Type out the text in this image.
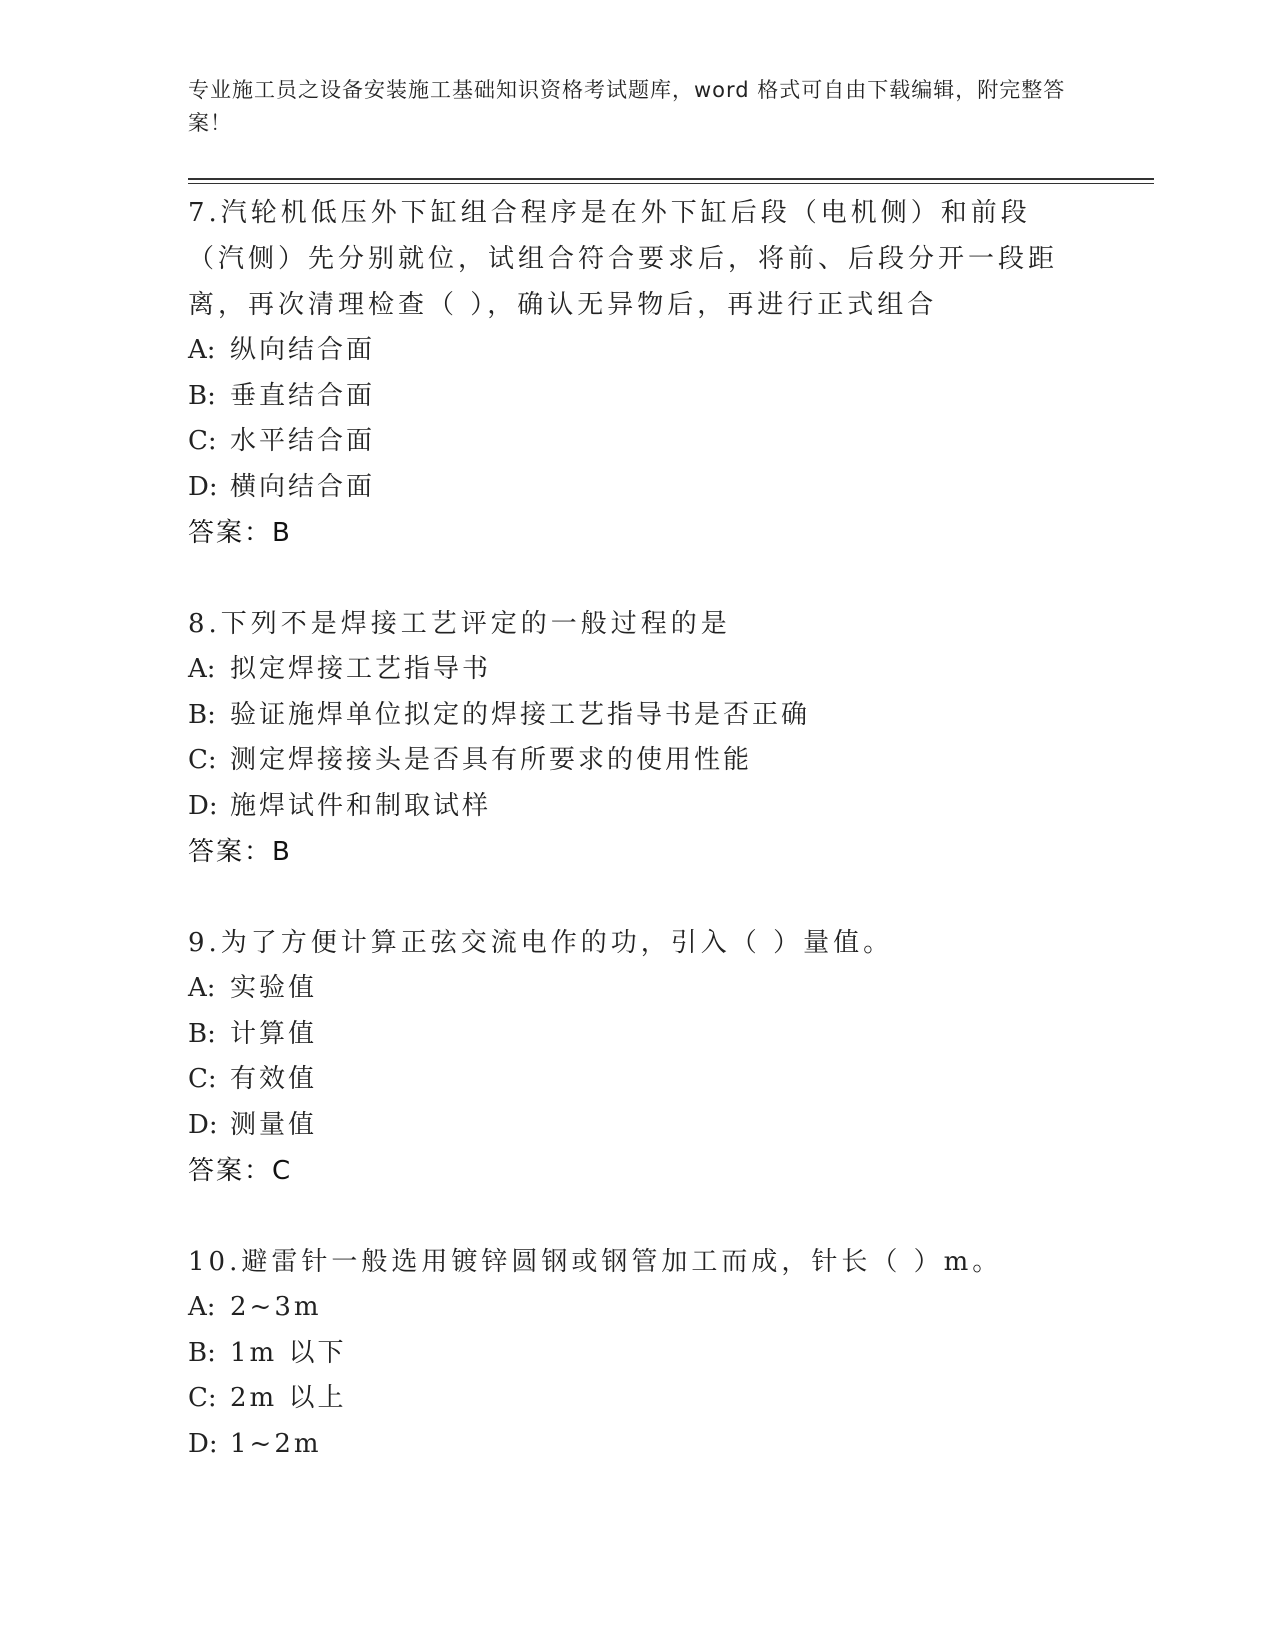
专业施工员之设备安装施工基础知识资格考试题库，word 格式可自由下载编辑，附完整答案！
7.汽轮机低压外下缸组合程序是在外下缸后段（电机侧）和前段（汽侧）先分别就位，试组合符合要求后，将前、后段分开一段距离，再次清理检查（ ），确认无异物后，再进行正式组合
A: 纵向结合面
B: 垂直结合面
C: 水平结合面
D: 横向结合面
答案：B
8.下列不是焊接工艺评定的一般过程的是
A: 拟定焊接工艺指导书
B: 验证施焊单位拟定的焊接工艺指导书是否正确
C: 测定焊接接头是否具有所要求的使用性能
D: 施焊试件和制取试样
答案：B
9.为了方便计算正弦交流电作的功，引入（ ）量值。
A: 实验值
B: 计算值
C: 有效值
D: 测量值
答案：C
10.避雷针一般选用镀锌圆钢或钢管加工而成，针长（ ）m。
A: 2~3m
B: 1m 以下
C: 2m 以上
D: 1~2m
